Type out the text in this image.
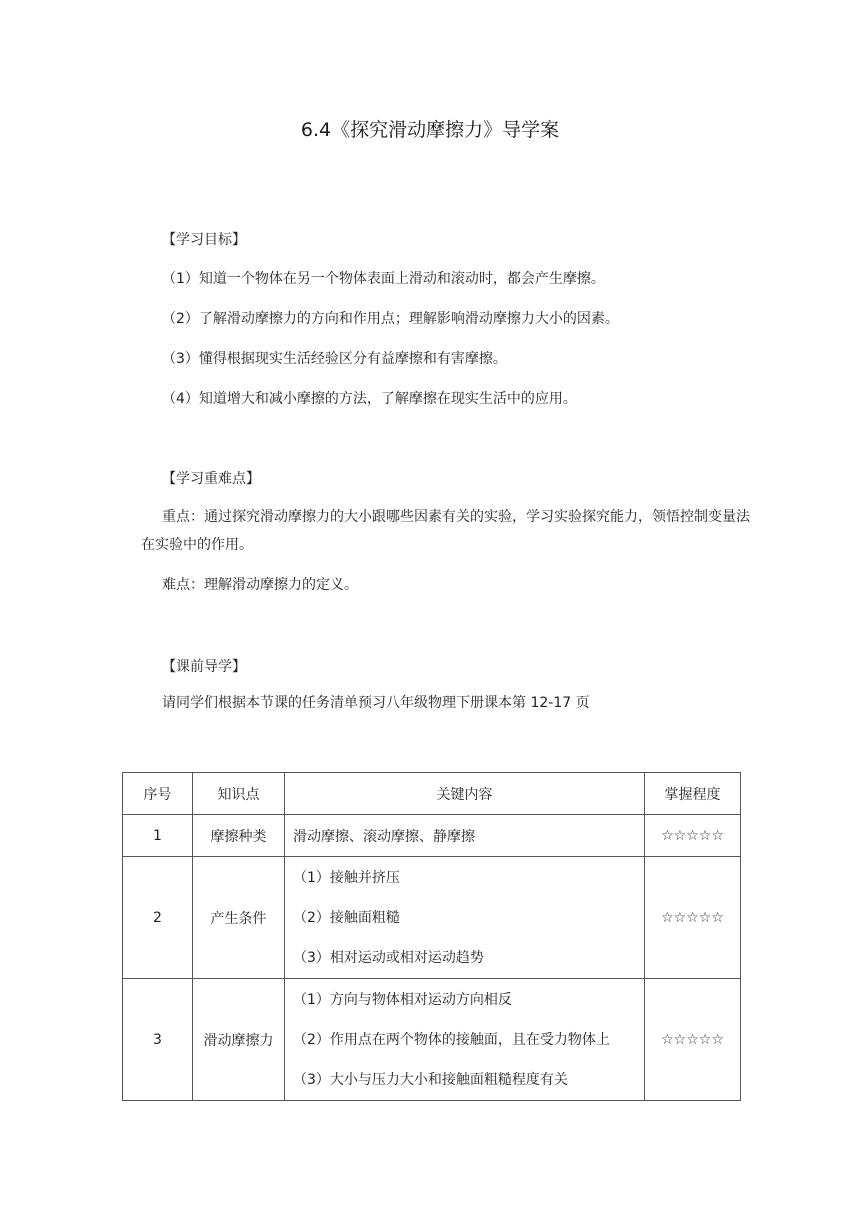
6.4《探究滑动摩擦力》导学案
【学习目标】
（1）知道一个物体在另一个物体表面上滑动和滚动时，都会产生摩擦。
（2）了解滑动摩擦力的方向和作用点；理解影响滑动摩擦力大小的因素。
（3）懂得根据现实生活经验区分有益摩擦和有害摩擦。
（4）知道增大和减小摩擦的方法，了解摩擦在现实生活中的应用。
【学习重难点】
重点：通过探究滑动摩擦力的大小跟哪些因素有关的实验，学习实验探究能力，领悟控制变量法在实验中的作用。
难点：理解滑动摩擦力的定义。
【课前导学】
请同学们根据本节课的任务清单预习八年级物理下册课本第 12-17 页
序号	知识点	关键内容	掌握程度
1	摩擦种类	滑动摩擦、滚动摩擦、静摩擦	☆☆☆☆☆
2	产生条件	（1）接触并挤压
（2）接触面粗糙
（3）相对运动或相对运动趋势	☆☆☆☆☆
3	滑动摩擦力	（1）方向与物体相对运动方向相反
（2）作用点在两个物体的接触面，且在受力物体上
（3）大小与压力大小和接触面粗糙程度有关	☆☆☆☆☆
